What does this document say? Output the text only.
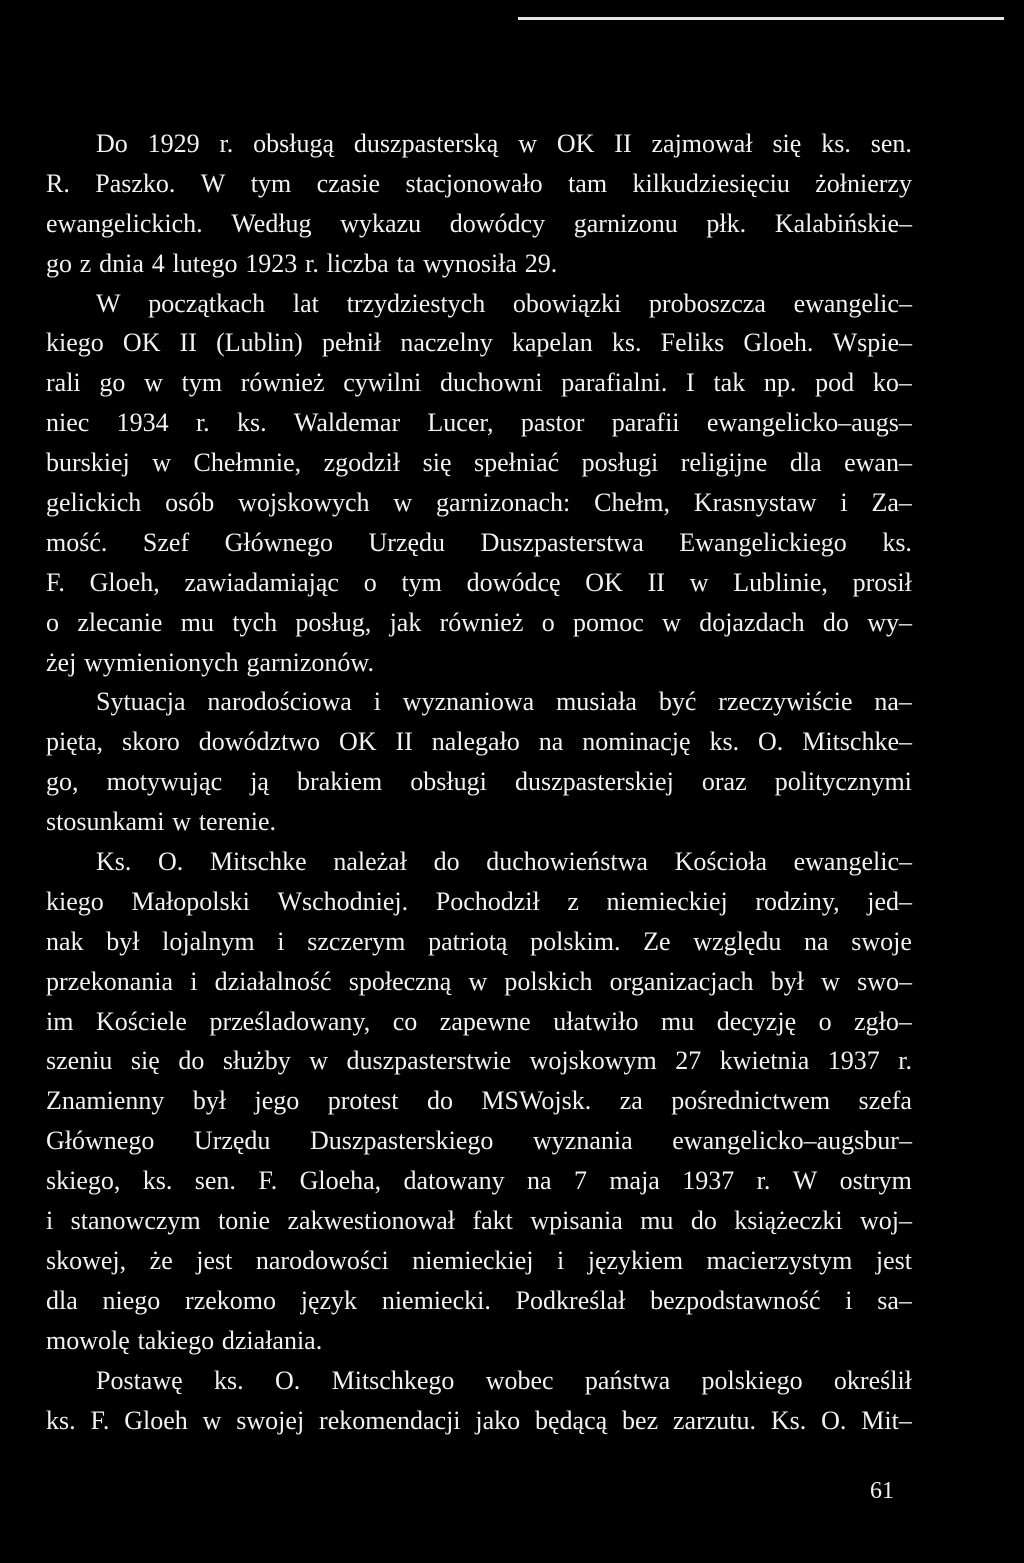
Do 1929 r. obsługą duszpasterską w OK II zajmował się ks. sen.
R. Paszko. W tym czasie stacjonowało tam kilkudziesięciu żołnierzy
ewangelickich. Według wykazu dowódcy garnizonu płk. Kalabińskie–
go z dnia 4 lutego 1923 r. liczba ta wynosiła 29.
W początkach lat trzydziestych obowiązki proboszcza ewangelic–
kiego OK II (Lublin) pełnił naczelny kapelan ks. Feliks Gloeh. Wspie–
rali go w tym również cywilni duchowni parafialni. I tak np. pod ko–
niec 1934 r. ks. Waldemar Lucer, pastor parafii ewangelicko–augs–
burskiej w Chełmnie, zgodził się spełniać posługi religijne dla ewan–
gelickich osób wojskowych w garnizonach: Chełm, Krasnystaw i Za–
mość. Szef Głównego Urzędu Duszpasterstwa Ewangelickiego ks.
F. Gloeh, zawiadamiając o tym dowódcę OK II w Lublinie, prosił
o zlecanie mu tych posług, jak również o pomoc w dojazdach do wy–
żej wymienionych garnizonów.
Sytuacja narodościowa i wyznaniowa musiała być rzeczywiście na–
pięta, skoro dowództwo OK II nalegało na nominację ks. O. Mitschke–
go, motywując ją brakiem obsługi duszpasterskiej oraz politycznymi
stosunkami w terenie.
Ks. O. Mitschke należał do duchowieństwa Kościoła ewangelic–
kiego Małopolski Wschodniej. Pochodził z niemieckiej rodziny, jed–
nak był lojalnym i szczerym patriotą polskim. Ze względu na swoje
przekonania i działalność społeczną w polskich organizacjach był w swo–
im Kościele prześladowany, co zapewne ułatwiło mu decyzję o zgło–
szeniu się do służby w duszpasterstwie wojskowym 27 kwietnia 1937 r.
Znamienny był jego protest do MSWojsk. za pośrednictwem szefa
Głównego Urzędu Duszpasterskiego wyznania ewangelicko–augsbur–
skiego, ks. sen. F. Gloeha, datowany na 7 maja 1937 r. W ostrym
i stanowczym tonie zakwestionował fakt wpisania mu do książeczki woj–
skowej, że jest narodowości niemieckiej i językiem macierzystym jest
dla niego rzekomo język niemiecki. Podkreślał bezpodstawność i sa–
mowolę takiego działania.
Postawę ks. O. Mitschkego wobec państwa polskiego określił
ks. F. Gloeh w swojej rekomendacji jako będącą bez zarzutu. Ks. O. Mit–
61
